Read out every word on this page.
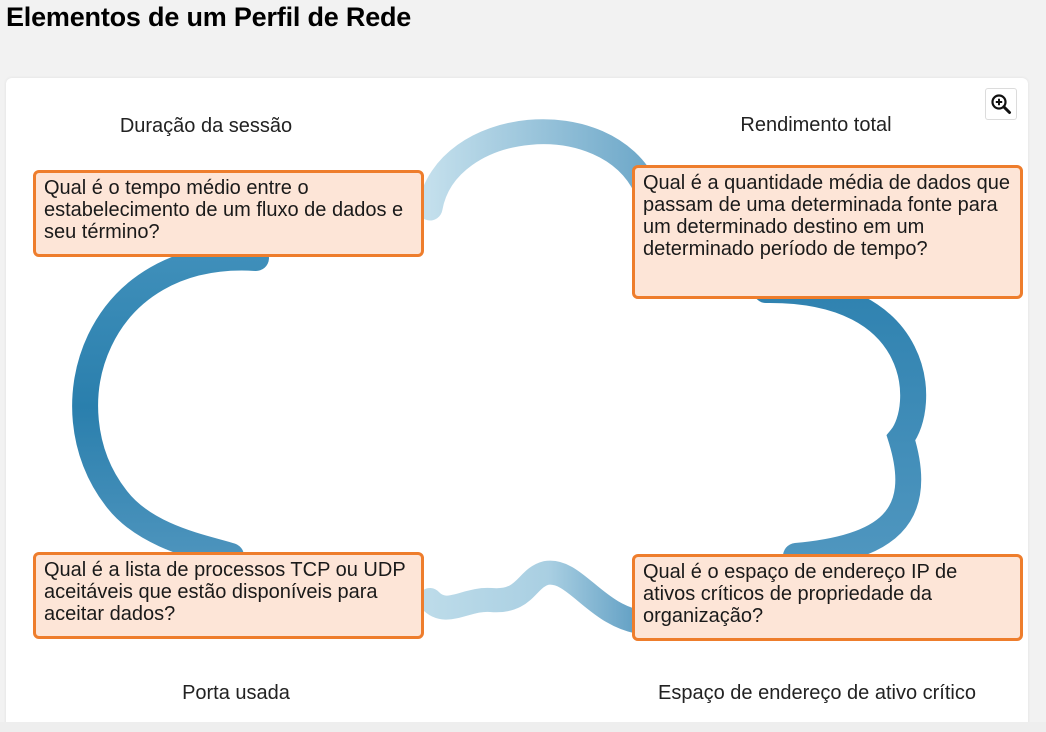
Elementos de um Perfil de Rede
Duração da sessão	Rendimento total
Porta usada	Espaço de endereço de ativo crítico
Qual é o tempo médio entre o estabelecimento de um fluxo de dados e seu término?
Qual é a quantidade média de dados que passam de uma determinada fonte para um determinado destino em um determinado período de tempo?
Qual é a lista de processos TCP ou UDP aceitáveis que estão disponíveis para aceitar dados?
Qual é o espaço de endereço IP de ativos críticos de propriedade da organização?
